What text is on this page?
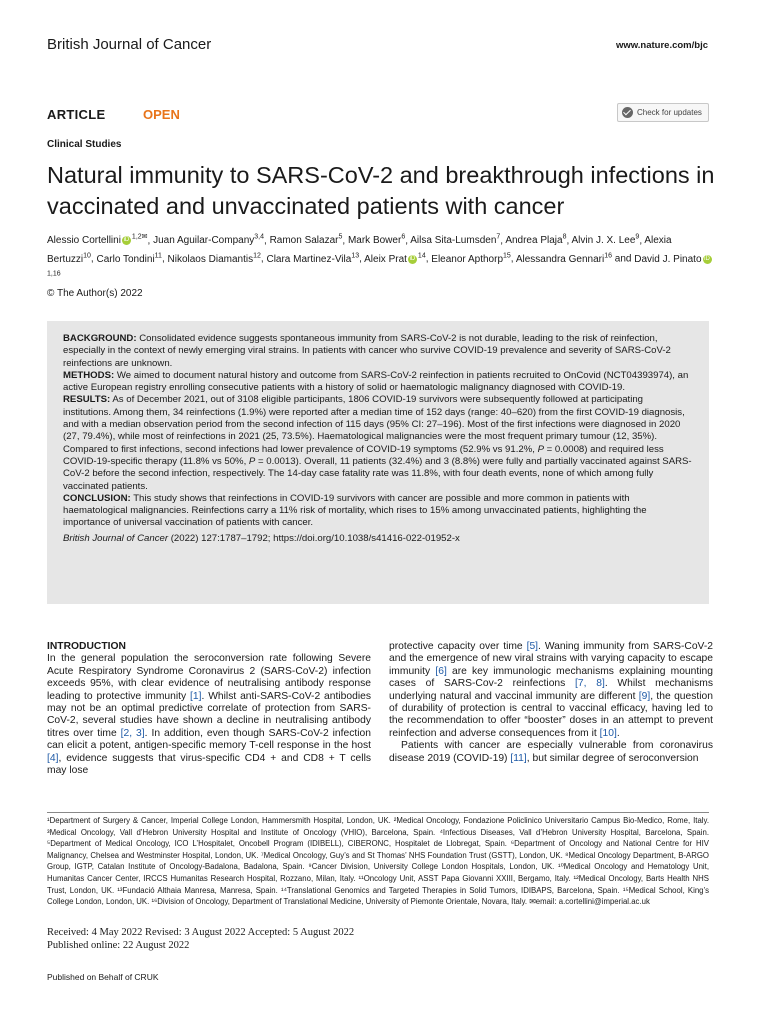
British Journal of Cancer	www.nature.com/bjc
ARTICLE	OPEN	Check for updates
Clinical Studies
Natural immunity to SARS-CoV-2 and breakthrough infections in vaccinated and unvaccinated patients with cancer
Alessio Cortellini iD $^{1,2✉}$, Juan Aguilar-Company$^{3,4}$, Ramon Salazar$^5$, Mark Bower$^6$, Ailsa Sita-Lumsden$^7$, Andrea Plaja$^8$, Alvin J. X. Lee$^9$, Alexia Bertuzzi$^{10}$, Carlo Tondini$^{11}$, Nikolaos Diamantis$^{12}$, Clara Martinez-Vila$^{13}$, Aleix Prat iD $^{14}$, Eleanor Apthorp$^{15}$, Alessandra Gennari$^{16}$ and David J. PinatoiD$^{1,16}$
© The Author(s) 2022

BACKGROUND: Consolidated evidence suggests spontaneous immunity from SARS-CoV-2 is not durable, leading to the risk of reinfection, especially in the context of newly emerging viral strains. In patients with cancer who survive COVID-19 prevalence and severity of SARS-CoV-2 reinfections are unknown.

METHODS: We aimed to document natural history and outcome from SARS-CoV-2 reinfection in patients recruited to OnCovid (NCT04393974), an active European registry enrolling consecutive patients with a history of solid or haematologic malignancy diagnosed with COVID-19.

RESULTS: As of December 2021, out of 3108 eligible participants, 1806 COVID-19 survivors were subsequently followed at participating institutions. Among them, 34 reinfections (1.9%) were reported after a median time of 152 days (range: 40–620) from the first COVID-19 diagnosis, and with a median observation period from the second infection of 115 days (95% CI: 27–196). Most of the first infections were diagnosed in 2020 (27, 79.4%), while most of reinfections in 2021 (25, 73.5%). Haematological malignancies were the most frequent primary tumour (12, 35%). Compared to first infections, second infections had lower prevalence of COVID-19 symptoms (52.9% vs 91.2%, P = 0.0008) and required less COVID-19-specific therapy (11.8% vs 50%, P = 0.0013). Overall, 11 patients (32.4%) and 3 (8.8%) were fully and partially vaccinated against SARS-CoV-2 before the second infection, respectively. The 14-day case fatality rate was 11.8%, with four death events, none of which among fully vaccinated patients.

CONCLUSION: This study shows that reinfections in COVID-19 survivors with cancer are possible and more common in patients with haematological malignancies. Reinfections carry a 11% risk of mortality, which rises to 15% among unvaccinated patients, highlighting the importance of universal vaccination of patients with cancer.

British Journal of Cancer (2022) 127:1787–1792; https://doi.org/10.1038/s41416-022-01952-x

INTRODUCTION

In the general population the seroconversion rate following Severe Acute Respiratory Syndrome Coronavirus 2 (SARS-CoV-2) infection exceeds 95%, with clear evidence of neutralising antibody response leading to protective immunity [1]. Whilst anti-SARS-CoV-2 antibodies may not be an optimal predictive correlate of protection from SARS-CoV-2, several studies have shown a decline in neutralising antibody titres over time [2, 3]. In addition, even though SARS-CoV-2 infection can elicit a potent, antigen-specific memory T-cell response in the host [4], evidence suggests that virus-specific CD4 + and CD8 + T cells may lose

protective capacity over time [5]. Waning immunity from SARS-CoV-2 and the emergence of new viral strains with varying capacity to escape immunity [6] are key immunologic mechanisms explaining mounting cases of SARS-Cov-2 reinfections [7, 8]. Whilst mechanisms underlying natural and vaccinal immunity are different [9], the question of durability of protection is central to vaccinal efficacy, having led to the recommendation to offer “booster” doses in an attempt to prevent reinfection and adverse consequences from it [10].

Patients with cancer are especially vulnerable from coronavirus disease 2019 (COVID-19) [11], but similar degree of seroconversion

¹Department of Surgery & Cancer, Imperial College London, Hammersmith Hospital, London, UK. ²Medical Oncology, Fondazione Policlinico Universitario Campus Bio-Medico, Rome, Italy. ³Medical Oncology, Vall d’Hebron University Hospital and Institute of Oncology (VHIO), Barcelona, Spain. ⁴Infectious Diseases, Vall d’Hebron University Hospital, Barcelona, Spain. ⁵Department of Medical Oncology, ICO L’Hospitalet, Oncobell Program (IDIBELL), CIBERONC, Hospitalet de Llobregat, Spain. ⁶Department of Oncology and National Centre for HIV Malignancy, Chelsea and Westminster Hospital, London, UK. ⁷Medical Oncology, Guy’s and St Thomas’ NHS Foundation Trust (GSTT), London, UK. ⁸Medical Oncology Department, B-ARGO Group, IGTP, Catalan Institute of Oncology-Badalona, Badalona, Spain. ⁹Cancer Division, University College London Hospitals, London, UK. ¹⁰Medical Oncology and Hematology Unit, Humanitas Cancer Center, IRCCS Humanitas Research Hospital, Rozzano, Milan, Italy. ¹¹Oncology Unit, ASST Papa Giovanni XXIII, Bergamo, Italy. ¹²Medical Oncology, Barts Health NHS Trust, London, UK. ¹³Fundació Althaia Manresa, Manresa, Spain. ¹⁴Translational Genomics and Targeted Therapies in Solid Tumors, IDIBAPS, Barcelona, Spain. ¹⁵Medical School, King’s College London, London, UK. ¹⁶Division of Oncology, Department of Translational Medicine, University of Piemonte Orientale, Novara, Italy. ✉email: a.cortellini@imperial.ac.uk
Received: 4 May 2022 Revised: 3 August 2022 Accepted: 5 August 2022
Published online: 22 August 2022
Published on Behalf of CRUK
